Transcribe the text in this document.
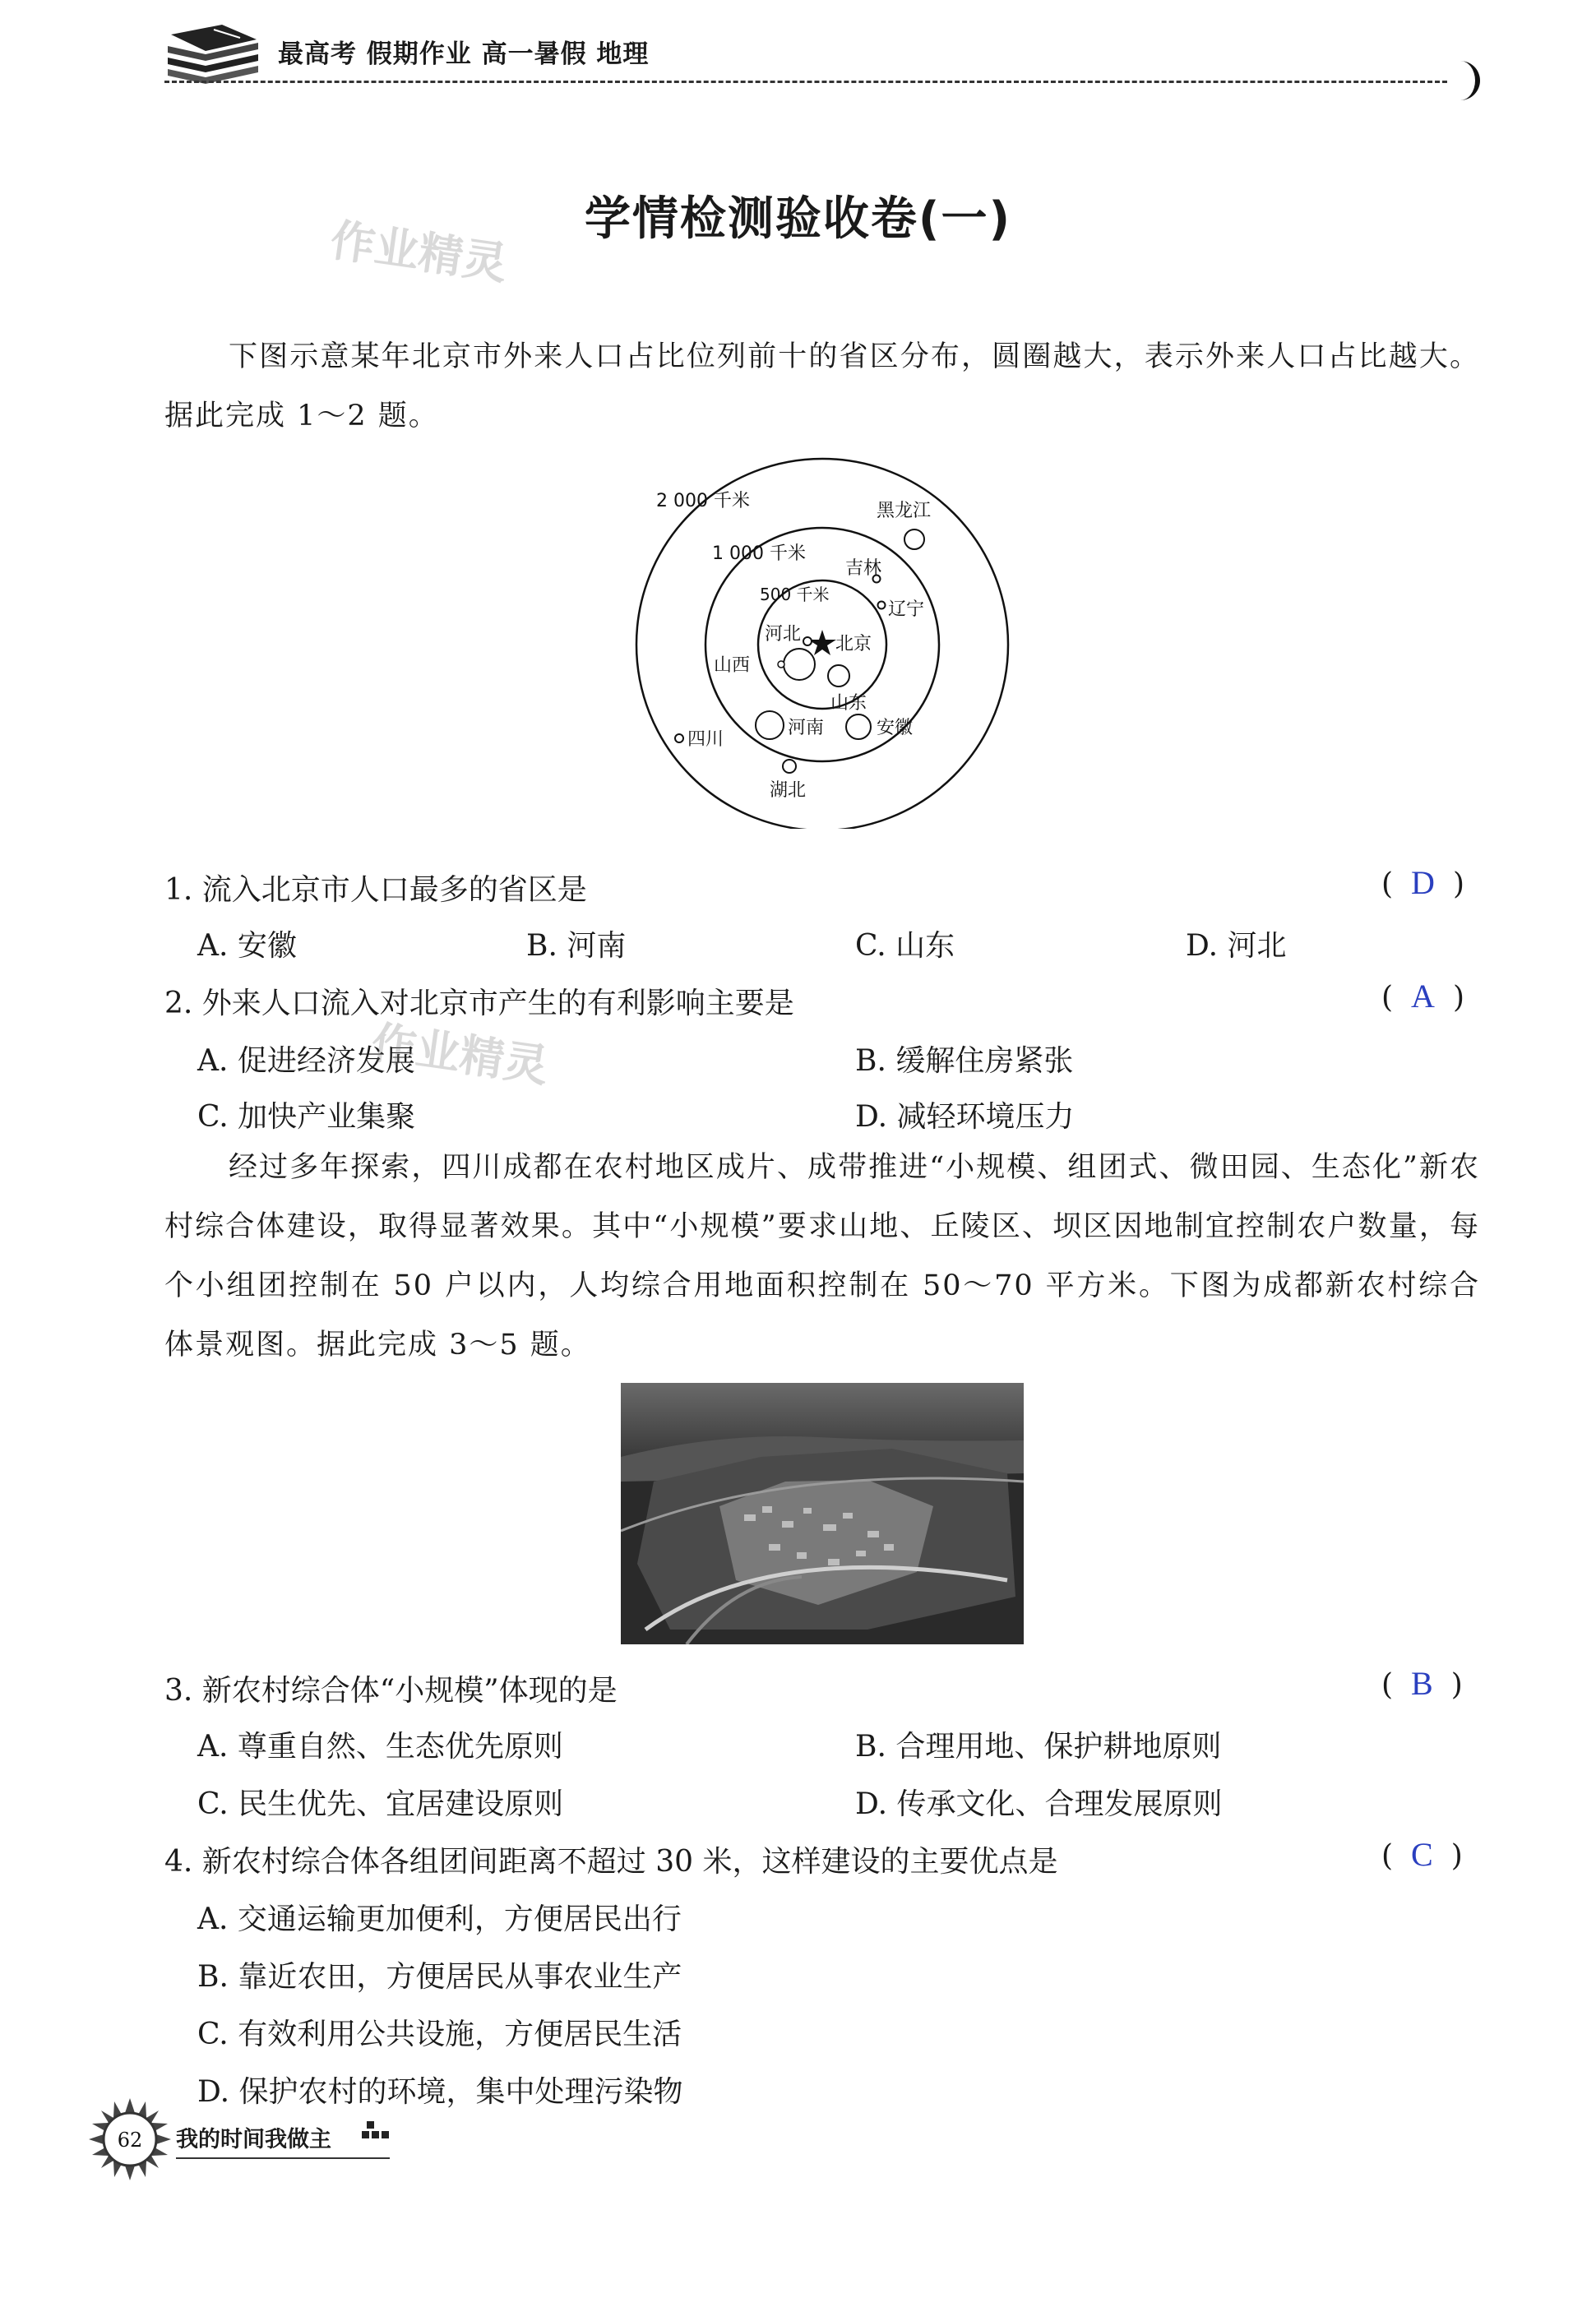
最高考 假期作业 高一暑假 地理
学情检测验收卷(一)
作业精灵
下图示意某年北京市外来人口占比位列前十的省区分布，圆圈越大，表示外来人口占比越大。据此完成 1～2 题。
2 000 千米
1 000 千米
500 千米
北京
黑龙江
吉林
辽宁
河北
山西
山东
河南	安徽
四川
湖北
1. 流入北京市人口最多的省区是	( D )
A. 安徽	B. 河南	C. 山东	D. 河北
2. 外来人口流入对北京市产生的有利影响主要是	( A )
A. 促进经济发展	B. 缓解住房紧张
C. 加快产业集聚	D. 减轻环境压力
作业精灵
经过多年探索，四川成都在农村地区成片、成带推进“小规模、组团式、微田园、生态化”新农村综合体建设，取得显著效果。其中“小规模”要求山地、丘陵区、坝区因地制宜控制农户数量，每个小组团控制在 50 户以内，人均综合用地面积控制在 50～70 平方米。下图为成都新农村综合体景观图。据此完成 3～5 题。
3. 新农村综合体“小规模”体现的是	( B )
A. 尊重自然、生态优先原则	B. 合理用地、保护耕地原则
C. 民生优先、宜居建设原则	D. 传承文化、合理发展原则
4. 新农村综合体各组团间距离不超过 30 米，这样建设的主要优点是	( C )
A. 交通运输更加便利，方便居民出行
B. 靠近农田，方便居民从事农业生产
C. 有效利用公共设施，方便居民生活
D. 保护农村的环境，集中处理污染物
62 我的时间我做主
